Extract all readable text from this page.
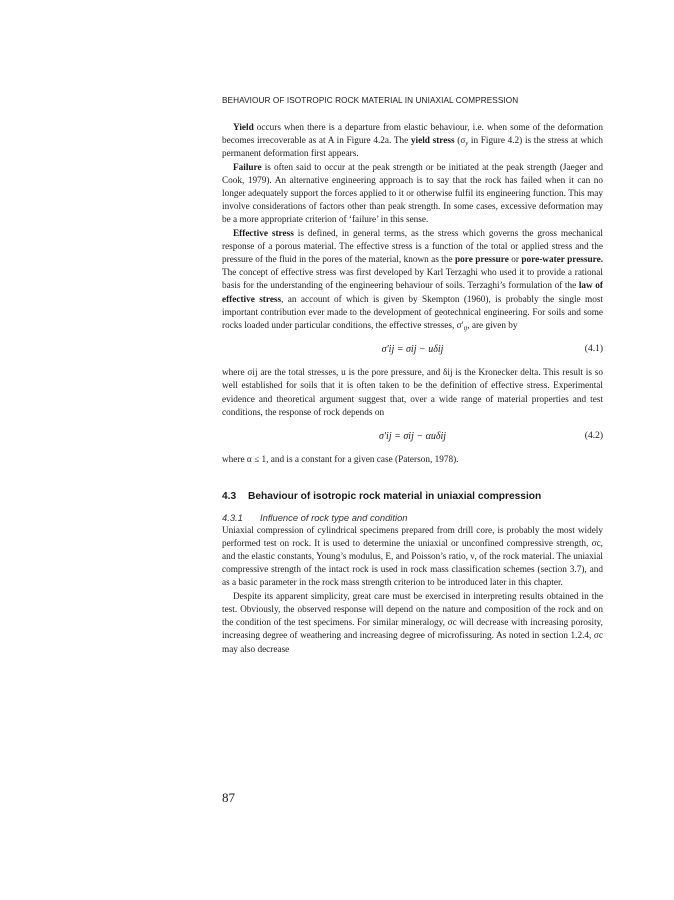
BEHAVIOUR OF ISOTROPIC ROCK MATERIAL IN UNIAXIAL COMPRESSION

Yield occurs when there is a departure from elastic behaviour, i.e. when some of the deformation becomes irrecoverable as at A in Figure 4.2a. The yield stress ($\sigma_y$ in Figure 4.2) is the stress at which permanent deformation first appears.

Failure is often said to occur at the peak strength or be initiated at the peak strength (Jaeger and Cook, 1979). An alternative engineering approach is to say that the rock has failed when it can no longer adequately support the forces applied to it or otherwise fulfil its engineering function. This may involve considerations of factors other than peak strength. In some cases, excessive deformation may be a more appropriate criterion of ‘failure’ in this sense.

Effective stress is defined, in general terms, as the stress which governs the gross mechanical response of a porous material. The effective stress is a function of the total or applied stress and the pressure of the fluid in the pores of the material, known as the pore pressure or pore-water pressure. The concept of effective stress was first developed by Karl Terzaghi who used it to provide a rational basis for the understanding of the engineering behaviour of soils. Terzaghi’s formulation of the law of effective stress, an account of which is given by Skempton (1960), is probably the single most important contribution ever made to the development of geotechnical engineering. For soils and some rocks loaded under particular conditions, the effective stresses, $\sigma'_{ij}$, are given by

σ′ij = σij − uδij	(4.1)

where σij are the total stresses, u is the pore pressure, and δij is the Kronecker delta. This result is so well established for soils that it is often taken to be the definition of effective stress. Experimental evidence and theoretical argument suggest that, over a wide range of material properties and test conditions, the response of rock depends on

σ′ij = σij − αuδij	(4.2)

where α ≤ 1, and is a constant for a given case (Paterson, 1978).

4.3 Behaviour of isotropic rock material in uniaxial compression
4.3.1 Influence of rock type and condition

Uniaxial compression of cylindrical specimens prepared from drill core, is probably the most widely performed test on rock. It is used to determine the uniaxial or unconfined compressive strength, σc, and the elastic constants, Young’s modulus, E, and Poisson’s ratio, ν, of the rock material. The uniaxial compressive strength of the intact rock is used in rock mass classification schemes (section 3.7), and as a basic parameter in the rock mass strength criterion to be introduced later in this chapter.

Despite its apparent simplicity, great care must be exercised in interpreting results obtained in the test. Obviously, the observed response will depend on the nature and composition of the rock and on the condition of the test specimens. For similar mineralogy, σc will decrease with increasing porosity, increasing degree of weathering and increasing degree of microfissuring. As noted in section 1.2.4, σc may also decrease

87
